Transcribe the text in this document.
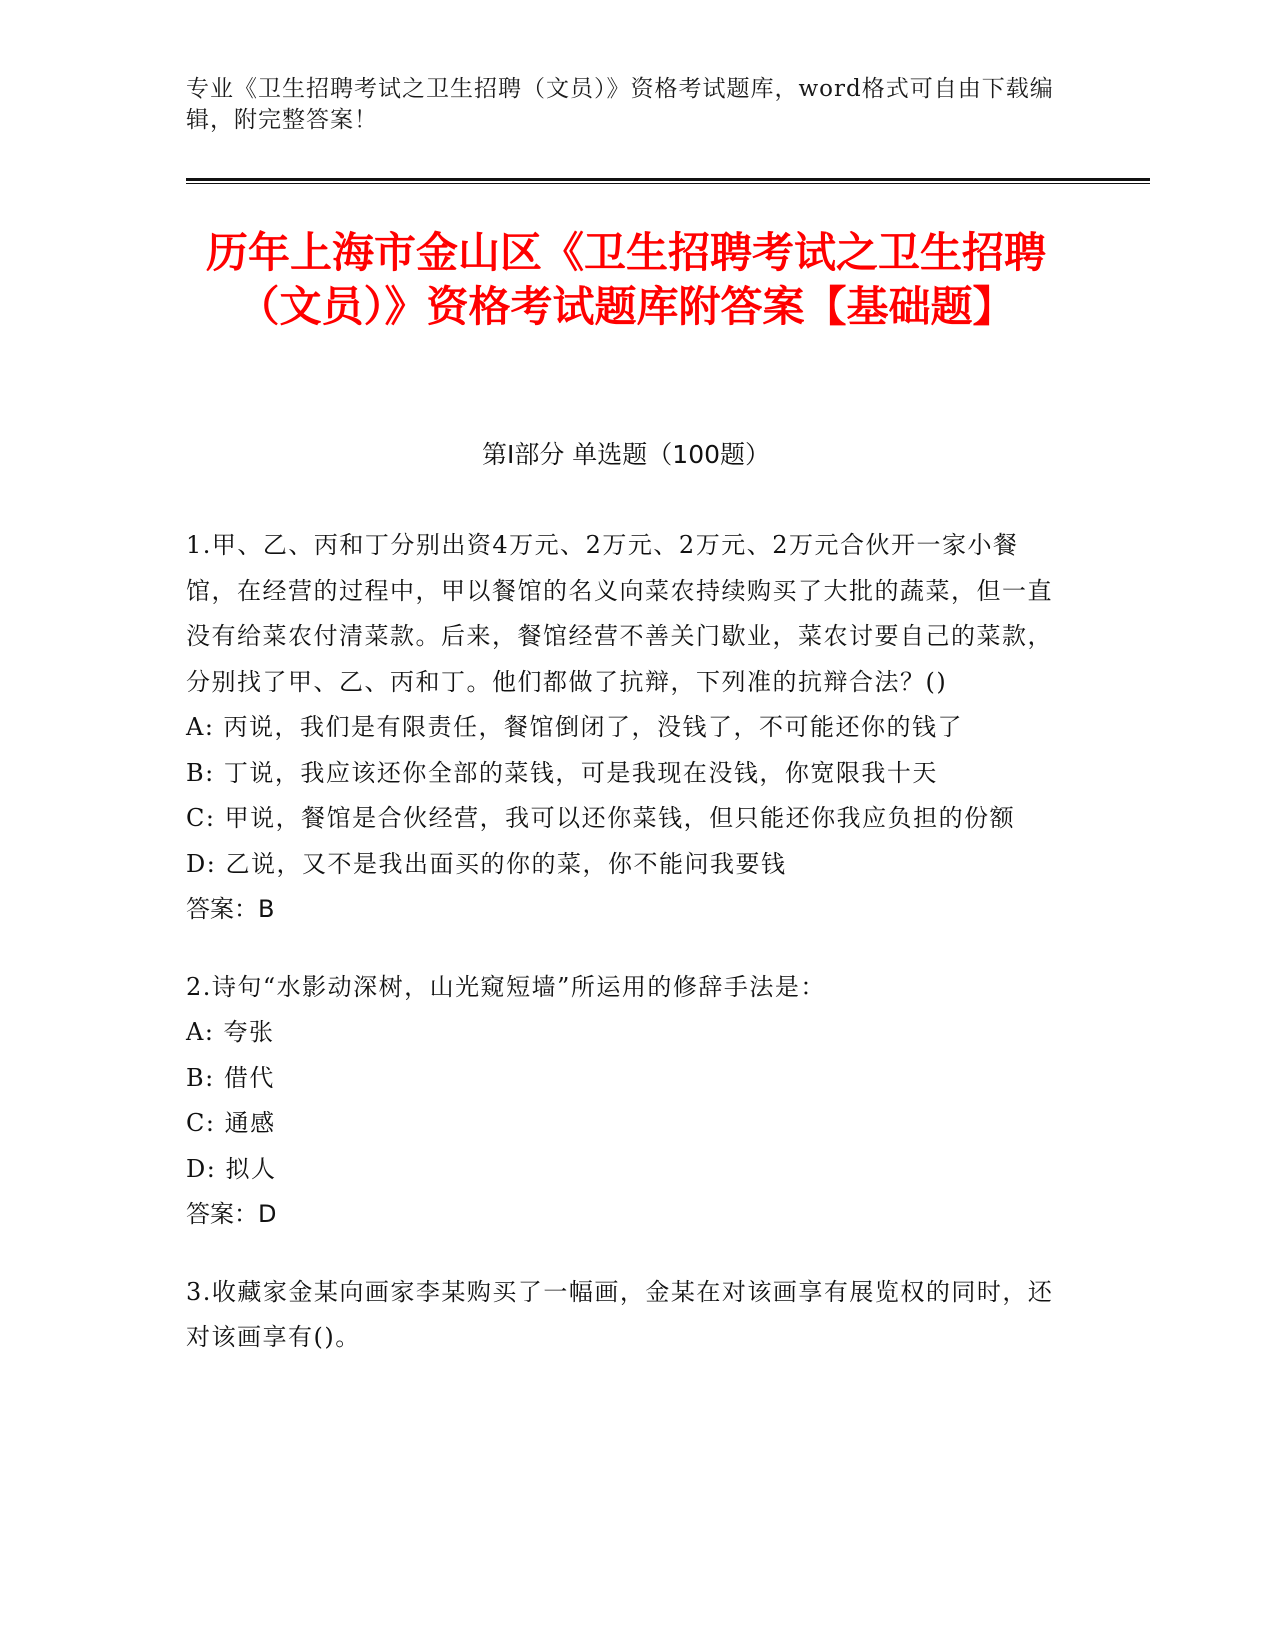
专业《卫生招聘考试之卫生招聘（文员）》资格考试题库，word格式可自由下载编辑，附完整答案！
历年上海市金山区《卫生招聘考试之卫生招聘（文员）》资格考试题库附答案【基础题】
第I部分 单选题（100题）
1.甲、乙、丙和丁分别出资4万元、2万元、2万元、2万元合伙开一家小餐馆，在经营的过程中，甲以餐馆的名义向菜农持续购买了大批的蔬菜，但一直没有给菜农付清菜款。后来，餐馆经营不善关门歇业，菜农讨要自己的菜款，分别找了甲、乙、丙和丁。他们都做了抗辩，下列准的抗辩合法？()
A: 丙说，我们是有限责任，餐馆倒闭了，没钱了，不可能还你的钱了
B: 丁说，我应该还你全部的菜钱，可是我现在没钱，你宽限我十天
C: 甲说，餐馆是合伙经营，我可以还你菜钱，但只能还你我应负担的份额
D: 乙说，又不是我出面买的你的菜，你不能问我要钱
答案：B
2.诗句“水影动深树，山光窥短墙”所运用的修辞手法是：
A: 夸张
B: 借代
C: 通感
D: 拟人
答案：D
3.收藏家金某向画家李某购买了一幅画，金某在对该画享有展览权的同时，还对该画享有()。
